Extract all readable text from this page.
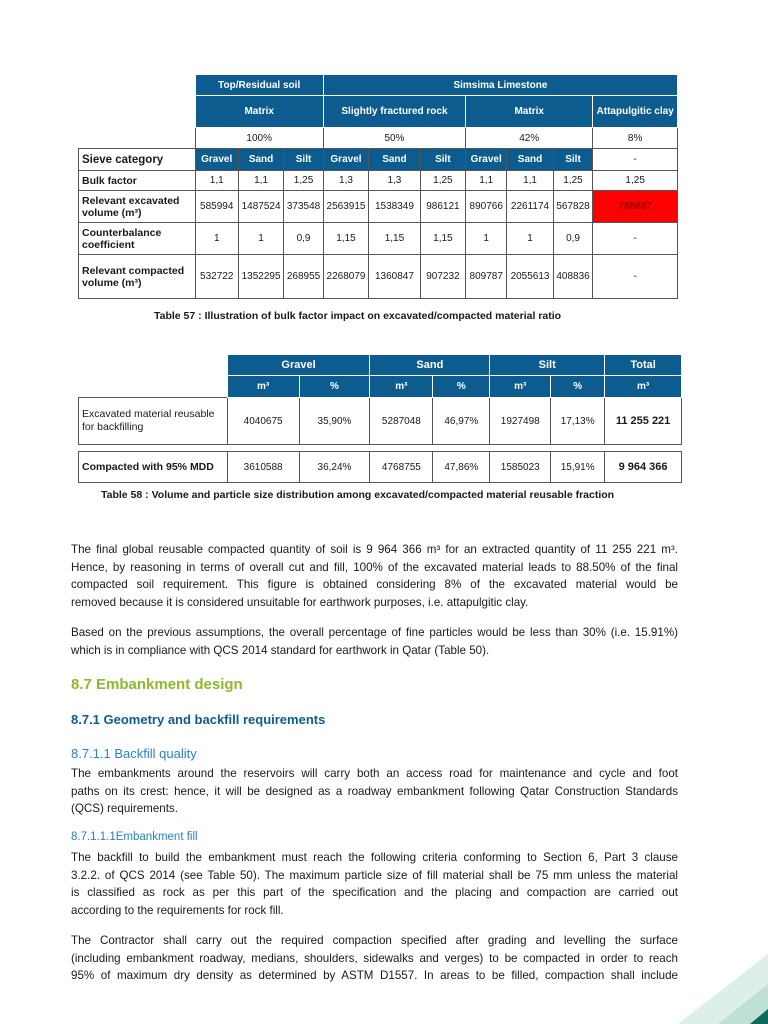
	Top/Residual soil			Simsima Limestone						
	Matrix			Slightly fractured rock			Matrix			Attapulgitic clay
	100%			50%			42%			8%
Sieve category	Gravel	Sand	Silt	Gravel	Sand	Silt	Gravel	Sand	Silt	-
Bulk factor	1,1	1,1	1,25	1,3	1,3	1,25	1,1	1,1	1,25	1,25
Relevant excavated volume (m³)	585994	1487524	373548	2563915	1538349	986121	890766	2261174	567828	788897
Counterbalance coefficient	1	1	0,9	1,15	1,15	1,15	1	1	0,9	-
Relevant compacted volume (m³)	532722	1352295	268955	2268079	1360847	907232	809787	2055613	408836	-
Table 57 : Illustration of bulk factor impact on excavated/compacted material ratio
	Gravel		Sand		Silt		Total
	m³	%	m³	%	m³	%	m³
Excavated material reusable for backfilling	4040675	35,90%	5287048	46,97%	1927498	17,13%	11 255 221

Compacted with 95% MDD	3610588	36,24%	4768755	47,86%	1585023	15,91%	9 964 366
Table 58 : Volume and particle size distribution among excavated/compacted material reusable fraction
The final global reusable compacted quantity of soil is 9 964 366 m³ for an extracted quantity of 11 255 221 m³.
Hence, by reasoning in terms of overall cut and fill, 100% of the excavated material leads to 88.50% of the final
compacted soil requirement. This figure is obtained considering 8% of the excavated material would be
removed because it is considered unsuitable for earthwork purposes, i.e. attapulgitic clay.
Based on the previous assumptions, the overall percentage of fine particles would be less than 30% (i.e. 15.91%)
which is in compliance with QCS 2014 standard for earthwork in Qatar (Table 50).
8.7 Embankment design
8.7.1 Geometry and backfill requirements
8.7.1.1 Backfill quality
The embankments around the reservoirs will carry both an access road for maintenance and cycle and foot
paths on its crest: hence, it will be designed as a roadway embankment following Qatar Construction Standards
(QCS) requirements.
8.7.1.1.1Embankment fill
The backfill to build the embankment must reach the following criteria conforming to Section 6, Part 3 clause
3.2.2. of QCS 2014 (see Table 50). The maximum particle size of fill material shall be 75 mm unless the material
is classified as rock as per this part of the specification and the placing and compaction are carried out
according to the requirements for rock fill.
The Contractor shall carry out the required compaction specified after grading and levelling the surface
(including embankment roadway, medians, shoulders, sidewalks and verges) to be compacted in order to reach
95% of maximum dry density as determined by ASTM D1557. In areas to be filled, compaction shall include
